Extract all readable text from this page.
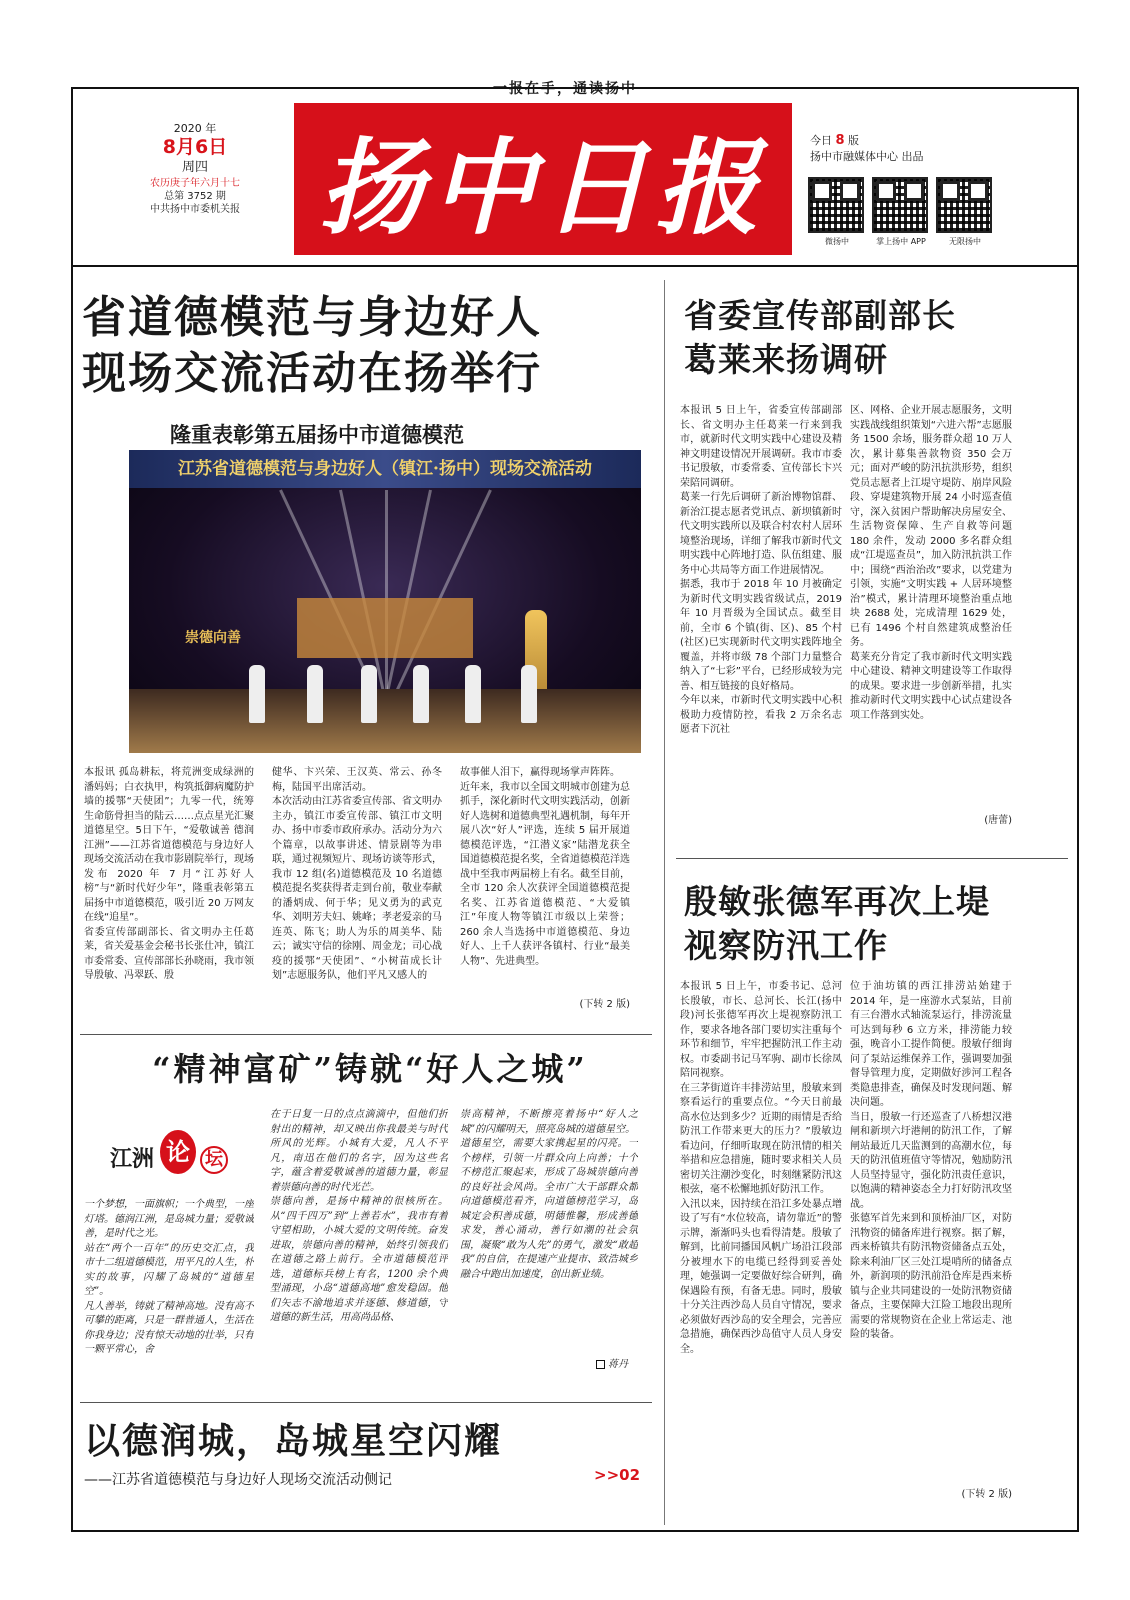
一报在手，通读扬中
2020 年
8月6日
周四
农历庚子年六月十七
总第 3752 期
中共扬中市委机关报 扬中日报	今日 8 版
扬中市融媒体中心 出品
微扬中	掌上扬中 APP	无限扬中
省道德模范与身边好人
现场交流活动在扬举行
隆重表彰第五届扬中市道德模范
江苏省道德模范与身边好人（镇江·扬中）现场交流活动
崇德向善
本报讯 孤岛耕耘，将荒洲变成绿洲的潘妈妈；白衣执甲，构筑抵御病魔防护墙的援鄂“天使团”；九零一代，统筹生命筋骨担当的陆云……点点星光汇聚道德星空。5日下午，“爱敬诚善 德润江洲”——江苏省道德模范与身边好人现场交流活动在我市影剧院举行，现场发布 2020 年 7 月“江苏好人榜”与“新时代好少年”，隆重表彰第五届扬中市道德模范，吸引近 20 万网友在线“追星”。
省委宣传部副部长、省文明办主任葛莱，省关爱基金会秘书长张仕冲，镇江市委常委、宣传部部长孙晓雨，我市领导殷敏、冯翠跃、殷
健华、卞兴荣、王汉英、常云、孙冬梅，陆国平出席活动。
本次活动由江苏省委宣传部、省文明办主办，镇江市委宣传部、镇江市文明办、扬中市委市政府承办。活动分为六个篇章，以故事讲述、情景剧等为串联，通过视频短片、现场访谈等形式，我市 12 组(名)道德模范及 10 名道德模范提名奖获得者走到台前，敬业奉献的潘炳成、何于华；见义勇为的武克华、刘明芳夫妇、姚峰；孝老爱亲的马连英、陈飞；助人为乐的周美华、陆云；诚实守信的徐刚、周金龙；司心战疫的援鄂“天使团”、“小树苗成长计划”志愿服务队，他们平凡又感人的
故事催人泪下，赢得现场掌声阵阵。
近年来，我市以全国文明城市创建为总抓手，深化新时代文明实践活动，创新好人选树和道德典型礼遇机制，每年开展八次“好人”评选，连续 5 届开展道德模范评选，“江潜义家”陆潜龙获全国道德模范提名奖，全省道德模范洋选战中至我市两届榜上有名。截至目前，全市 120 余人次获评全国道德模范提名奖、江苏省道德模范、“大爱镇江”年度人物等镇江市级以上荣誉；260 余人当选扬中市道德模范、身边好人、上千人获评各镇村、行业“最美人物”、先进典型。
(下转 2 版)
“精神富矿”铸就“好人之城”
江洲 论 坛
一个梦想，一面旗帜；一个典型，一座灯塔。德润江洲，是岛城力量；爱敬诚善，是时代之光。
站在“两个一百年”的历史交汇点，我市十二组道德模范，用平凡的人生，朴实的故事，闪耀了岛城的“道德星空”。
凡人善举，铸就了精神高地。没有高不可攀的距离，只是一群普通人，生活在你我身边；没有惊天动地的壮举，只有一颗平常心，舍
在于日复一日的点点滴滴中，但他们折射出的精神，却又映出你我最美与时代所风的光辉。小城有大爱，凡人不平凡，南迅在他们的名字，因为这些名字，蕴含着爱敬诚善的道德力量，彰显着崇德向善的时代光芒。
崇德向善，是扬中精神的很核所在。从“四千四万”到“上善若水”，我市有着守望相助，小城大爱的文明传统。奋发进取，崇德向善的精神，始终引领我们在道德之路上前行。全市道德模范评选，道德标兵榜上有名，1200 余个典型涌现，小岛“道德高地”愈发稳固。他们矢志不渝地追求并逐德、修道德，守道德的新生活，用高尚品格、
崇高精神，不断擦亮着扬中“好人之城”的闪耀明天，照亮岛城的道德星空。
道德星空，需要大家携起星的闪亮。一个榜样，引领一片群众向上向善；十个不榜范汇聚起来，形成了岛城崇德向善的良好社会风尚。全市广大干部群众都向道德模范看齐，向道德榜范学习，岛城定会积善成德，明德惟馨，形成善德求发，善心涌动，善行如潮的社会氛围，凝聚“敢为人先”的勇气，激发“敢超我”的自信，在提速产业提市、致浩城乡融合中跑出加速度，创出新业绩。
蒋丹
以德润城，岛城星空闪耀
——江苏省道德模范与身边好人现场交流活动侧记	>>02
省委宣传部副部长
葛莱来扬调研
本报讯 5 日上午，省委宣传部副部长、省文明办主任葛莱一行来到我市，就新时代文明实践中心建设及精神文明建设情况开展调研。我市市委书记殷敏，市委常委、宣传部长卞兴荣陪同调研。
葛莱一行先后调研了新治博物馆群、新治江提志愿者党讯点、新坝镇新时代文明实践所以及联合村农村人居环境整治现场，详细了解我市新时代文明实践中心阵地打造、队伍组建、服务中心共局等方面工作进展情况。
据悉，我市于 2018 年 10 月被确定为新时代文明实践省级试点，2019 年 10 月晋级为全国试点。截至目前，全市 6 个镇(街、区)、85 个村(社区)已实现新时代文明实践阵地全覆盖，并将市级 78 个部门力量整合纳入了“七彩”平台，已经形成较为完善、相互链接的良好格局。
今年以来，市新时代文明实践中心积极助力疫情防控，看我 2 万余名志愿者下沉社
区、网格、企业开展志愿服务，文明实践战线组织策划“六进六帮”志愿服务 1500 余场，服务群众超 10 万人次，累计募集善款物资 350 会万元；面对严峻的防汛抗洪形势，组织党员志愿者上江堤守堤防、崩岸风险段、穿堤建筑物开展 24 小时巡查值守，深入贫困户帮助解决房屋安全、生活物资保障、生产自救等问题 180 余件，发动 2000 多名群众组成“江堤巡查员”，加入防汛抗洪工作中；围绕“西治治改”要求，以党建为引领，实施“文明实践 + 人居环境整治”模式，累计清理环境整治重点地块 2688 处，完成清理 1629 处，已有 1496 个村自然建筑成整治任务。
葛莱充分肯定了我市新时代文明实践中心建设、精神文明建设等工作取得的成果。要求进一步创新举措，扎实推动新时代文明实践中心试点建设各项工作落到实处。
(唐蕾)
殷敏张德军再次上堤
视察防汛工作
本报讯 5 日上午，市委书记、总河长殷敏，市长、总河长、长江(扬中段)河长张德军再次上堤视察防汛工作，要求各地各部门要切实注重每个环节和细节，牢牢把握防汛工作主动权。市委副书记马军驹、副市长徐凤陪同视察。
在三茅街道许丰排涝站里，殷敏来到察看运行的重要点位。“今天日前最高水位达到多少？近期的雨情是否给防汛工作带来更大的压力？”殷敏边看边问，仔细听取现在防汛情的相关举措和应急措施，随时要求相关人员密切关注潮沙变化，时刻继紧防汛这根弦，毫不松懈地抓好防汛工作。
入汛以来，因持续在沿江多处暴点增设了写有“水位较高，请勿靠近”的警示牌，渐渐吗头也看得清楚。殷敏了解到，比前同播国风帆广场沿江段部分被埋水下的电缆已经得到妥善处理，她强调一定要做好综合研判，确保遇险有预，有备无患。同时，殷敏十分关注西沙岛人员自守情况，要求必须做好西沙岛的安全理会，完善应急措施，确保西沙岛值守人员人身安全。
位于油坊镇的西江排涝站始建于 2014 年，是一座游水式泵站，目前有三台潜水式轴流泵运行，排涝流量可达到每秒 6 立方米，排涝能力较强，晚音小工提作简便。殷敏仔细询问了泵站运维保养工作，强调要加强督导管理力度，定期做好涉河工程各类隐患排查，确保及时发现问题、解决问题。
当日，殷敏一行还巡查了八桥想汉港闸和新坝六圩港闸的防汛工作，了解闸站最近几天监测到的高潮水位，每天的防汛值班值守等情况，勉励防汛人员坚持显守，强化防汛责任意识，以饱满的精神姿态全力打好防汛攻坚战。
张德军首先来到和顶桥油厂区，对防汛物资的储备库进行视察。据了解，西来桥镇共有防汛物资储备点五处，除来利油厂区三处江堤哨所的储备点外，新润项的防汛前沿仓库是西来桥镇与企业共同建设的一处防汛物资储备点，主要保障大江险工地段出现所需要的常规物资在企业上常运走、池险的装备。
(下转 2 版)
